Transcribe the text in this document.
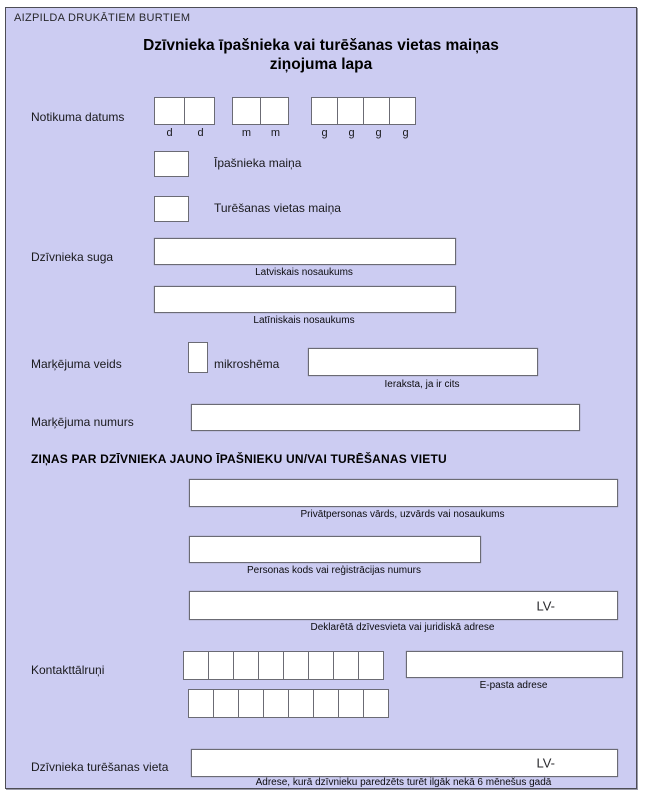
AIZPILDA DRUKĀTIEM BURTIEM
Dzīvnieka īpašnieka vai turēšanas vietas maiņas
ziņojuma lapa
Notikuma datums
d	d	m	m	g	g	g	g
Īpašnieka maiņa
Turēšanas vietas maiņa
Dzīvnieka suga
Latviskais nosaukums
Latīniskais nosaukums
Marķējuma veids	mikroshēma
Ieraksta, ja ir cits
Marķējuma numurs
ZIŅAS PAR DZĪVNIEKA JAUNO ĪPAŠNIEKU UN/VAI TURĒŠANAS VIETU
Privātpersonas vārds, uzvārds vai nosaukums
Personas kods vai reģistrācijas numurs
LV-
Deklarētā dzīvesvieta vai juridiskā adrese
Kontakttālruņi
E-pasta adrese
Dzīvnieka turēšanas vieta	LV-
Adrese, kurā dzīvnieku paredzēts turēt ilgāk nekā 6 mēnešus gadā
